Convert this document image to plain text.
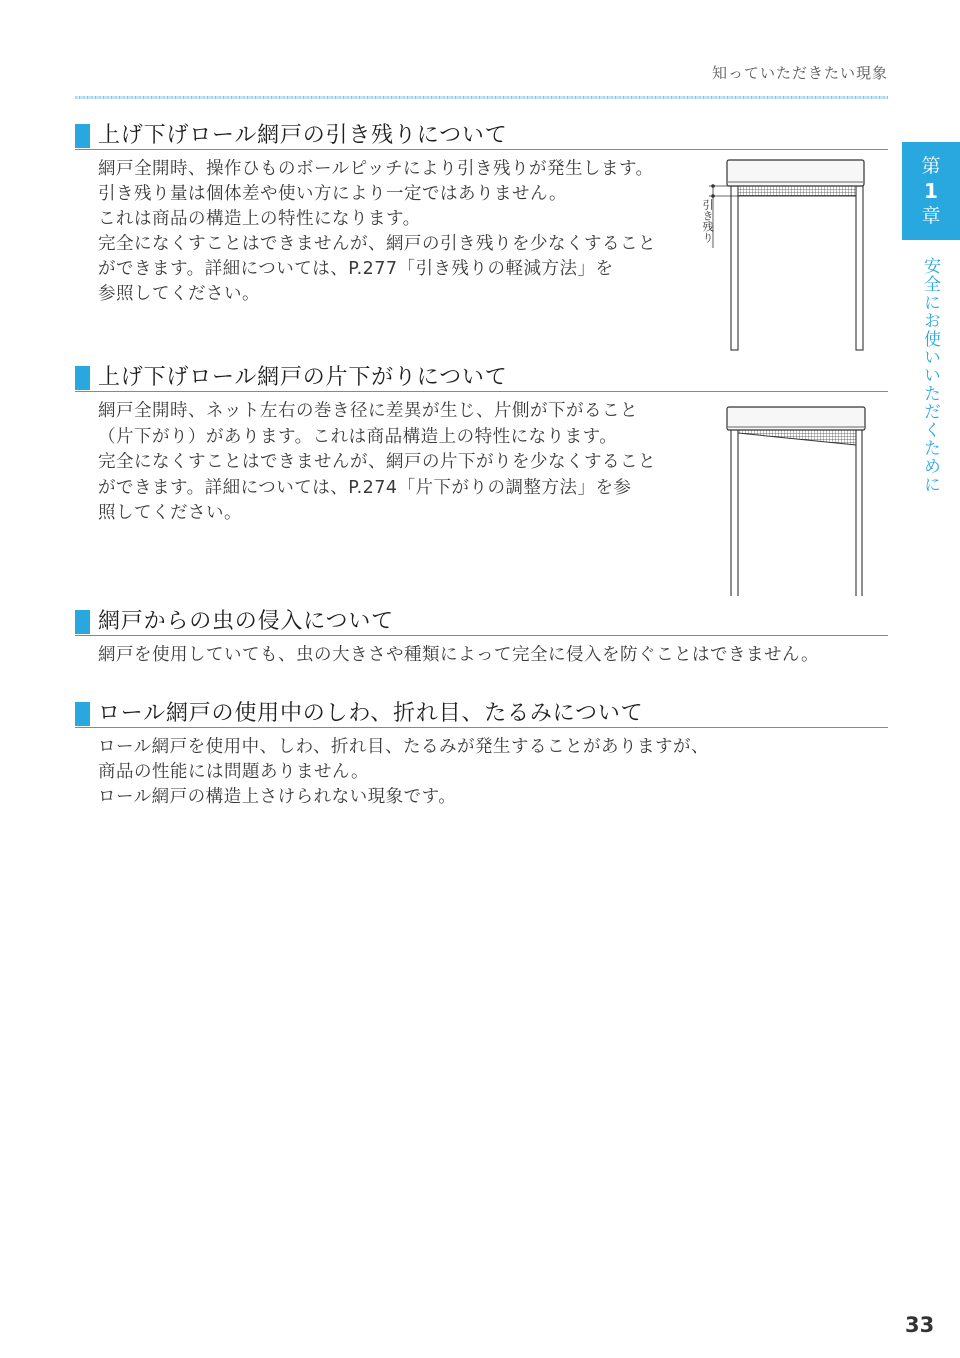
知っていただきたい現象
第
1
章
安全にお使いいただくために
上げ下げロール網戸の引き残りについて
網戸全開時、操作ひものボールピッチにより引き残りが発生します。
引き残り量は個体差や使い方により一定ではありません。
これは商品の構造上の特性になります。
完全になくすことはできませんが、網戸の引き残りを少なくすること
ができます。詳細については、P.277「引き残りの軽減方法」を
参照してください。
引き残り
上げ下げロール網戸の片下がりについて
網戸全開時、ネット左右の巻き径に差異が生じ、片側が下がること
（片下がり）があります。これは商品構造上の特性になります。
完全になくすことはできませんが、網戸の片下がりを少なくすること
ができます。詳細については、P.274「片下がりの調整方法」を参
照してください。
網戸からの虫の侵入について
網戸を使用していても、虫の大きさや種類によって完全に侵入を防ぐことはできません。
ロール網戸の使用中のしわ、折れ目、たるみについて
ロール網戸を使用中、しわ、折れ目、たるみが発生することがありますが、
商品の性能には問題ありません。
ロール網戸の構造上さけられない現象です。
33
